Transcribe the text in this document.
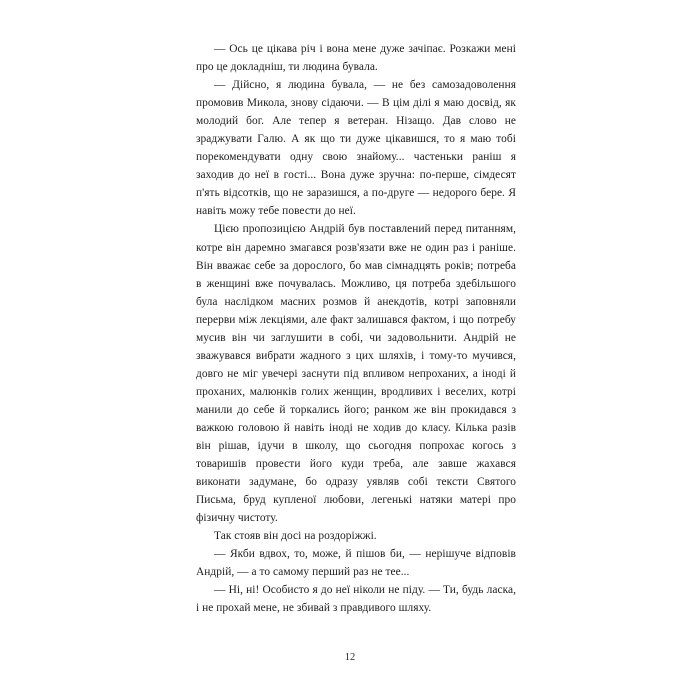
— Ось це цікава річ і вона мене дуже зачіпає. Розкажи мені про це докладніш, ти людина бувала.

— Дійсно, я людина бувала, — не без самозадоволення промовив Микола, знову сідаючи. — В цім ділі я маю досвід, як молодий бог. Але тепер я ветеран. Нізащо. Дав слово не зраджувати Галю. А як що ти дуже цікавишся, то я маю тобі порекомендувати одну свою знайому... частеньки раніш я заходив до неї в гості... Вона дуже зручна: по-перше, сімдесят п'ять відсотків, що не заразишся, а по-друге — недорого бере. Я навіть можу тебе повести до неї.

Цією пропозицією Андрій був поставлений перед питанням, котре він даремно змагався розв'язати вже не один раз і раніше. Він вважає себе за дорослого, бо мав сімнадцять років; потреба в женщині вже почувалась. Можливо, ця потреба здебільшого була наслідком масних розмов й анекдотів, котрі заповняли перерви між лекціями, але факт залишався фактом, і що потребу мусив він чи заглушити в собі, чи задовольнити. Андрій не зважувався вибрати жадного з цих шляхів, і тому-то мучився, довго не міг увечері заснути під впливом непроханих, а іноді й прохaних, малюнків голих женщин, вродливих і веселих, котрі манили до себе й торкались його; ранком же він прокидався з важкою головою й навіть іноді не ходив до класу. Кілька разів він рішав, ідучи в школу, що сьогодня попрохає когось з товаришів провести його куди треба, але завше жахався виконати задумане, бо одразу уявляв собі тексти Святого Письма, бруд купленої любови, легенькі натяки матері про фізичну чистоту.

Так стояв він досі на роздоріжжі.

— Якби вдвох, то, може, й пішов би, — нерішуче відповів Андрій, — а то самому перший раз не тее...

— Ні, ні! Особисто я до неї ніколи не піду. — Ти, будь ласка, і не прохай мене, не збивай з правдивого шляху.

12
